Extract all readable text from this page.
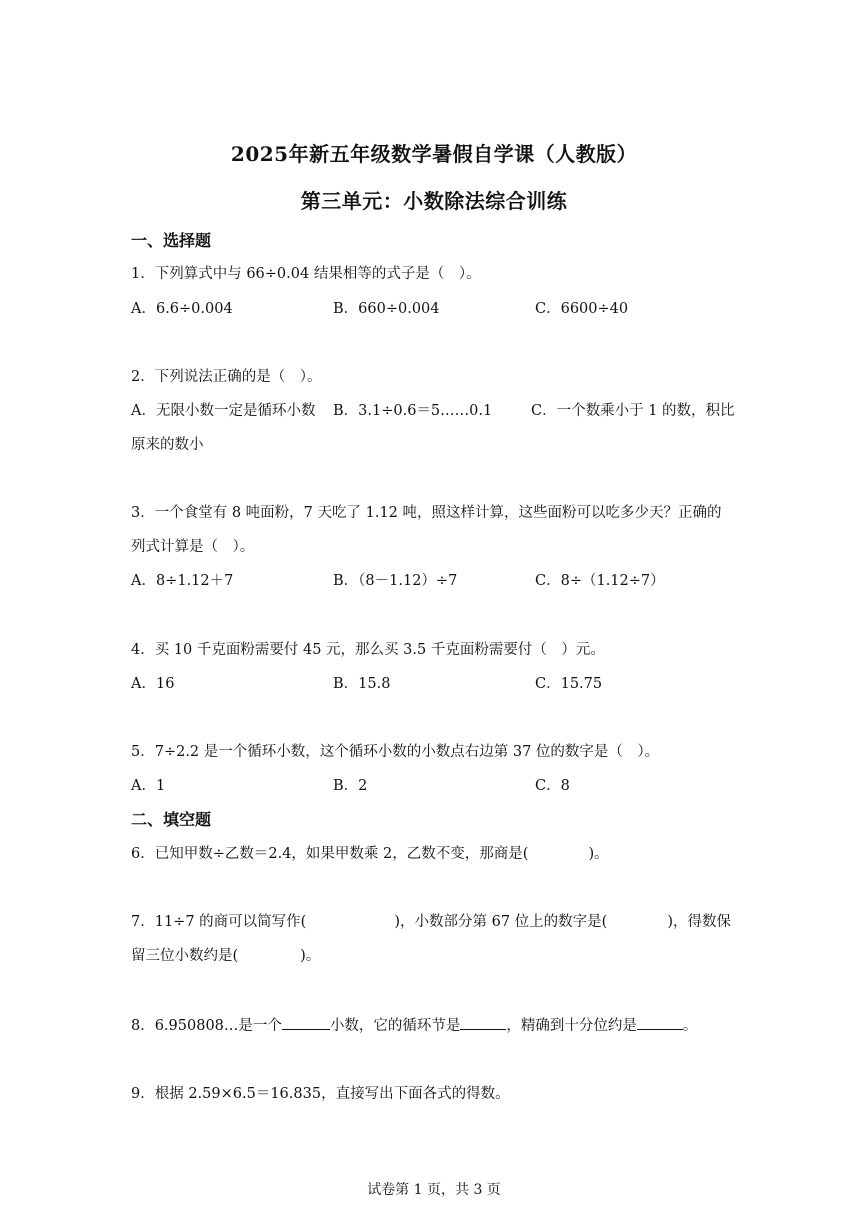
2025年新五年级数学暑假自学课（人教版）
第三单元：小数除法综合训练
一、选择题
1．下列算式中与 66÷0.04 结果相等的式子是（　）。
A．6.6÷0.004	B．660÷0.004	C．6600÷40
2．下列说法正确的是（　）。
A．无限小数一定是循环小数 B．3.1÷0.6＝5……0.1	C．一个数乘小于 1 的数，积比
原来的数小
3．一个食堂有 8 吨面粉，7 天吃了 1.12 吨，照这样计算，这些面粉可以吃多少天？正确的
列式计算是（　）。
A．8÷1.12＋7	B．（8－1.12）÷7	C．8÷（1.12÷7）
4．买 10 千克面粉需要付 45 元，那么买 3.5 千克面粉需要付（　）元。
A．16	B．15.8	C．15.75
5．7÷2.2 是一个循环小数，这个循环小数的小数点右边第 37 位的数字是（　）。
A．1	B．2	C．8
二、填空题
6．已知甲数÷乙数＝2.4，如果甲数乘 2，乙数不变，那商是(	)。
7．11÷7 的商可以简写作(	)，小数部分第 67 位上的数字是(	)，得数保
留三位小数约是(	)。
8．6.950808…是一个	小数，它的循环节是	，精确到十分位约是	。
9．根据 2.59×6.5＝16.835，直接写出下面各式的得数。
试卷第 1 页，共 3 页
